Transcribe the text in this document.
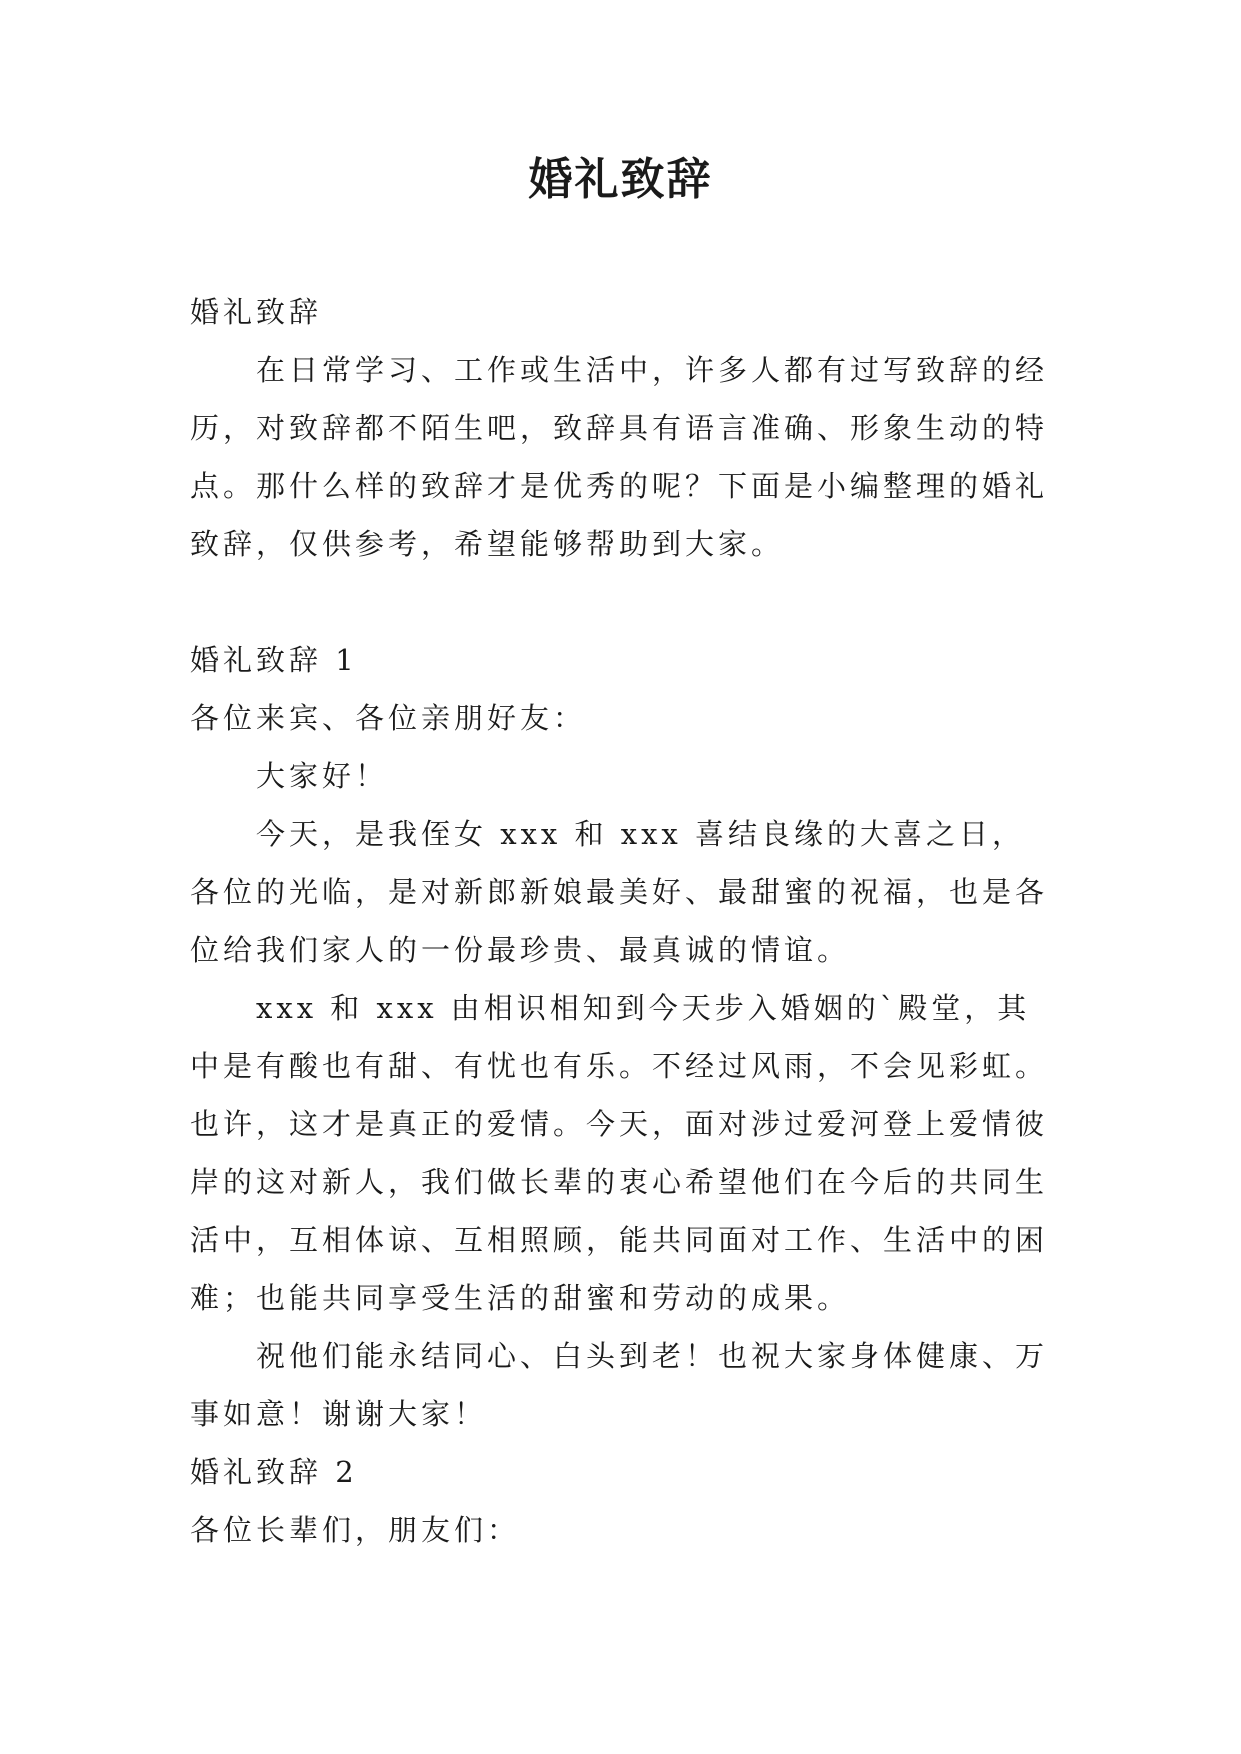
婚礼致辞

婚礼致辞

在日常学习、工作或生活中，许多人都有过写致辞的经历，对致辞都不陌生吧，致辞具有语言准确、形象生动的特点。那什么样的致辞才是优秀的呢？下面是小编整理的婚礼致辞，仅供参考，希望能够帮助到大家。

婚礼致辞 1

各位来宾、各位亲朋好友：

大家好！

今天，是我侄女 xxx 和 xxx 喜结良缘的大喜之日，各位的光临，是对新郎新娘最美好、最甜蜜的祝福，也是各位给我们家人的一份最珍贵、最真诚的情谊。

xxx 和 xxx 由相识相知到今天步入婚姻的`殿堂，其中是有酸也有甜、有忧也有乐。不经过风雨，不会见彩虹。也许，这才是真正的爱情。今天，面对涉过爱河登上爱情彼岸的这对新人，我们做长辈的衷心希望他们在今后的共同生活中，互相体谅、互相照顾，能共同面对工作、生活中的困难；也能共同享受生活的甜蜜和劳动的成果。

祝他们能永结同心、白头到老！也祝大家身体健康、万事如意！谢谢大家！

婚礼致辞 2

各位长辈们，朋友们：
